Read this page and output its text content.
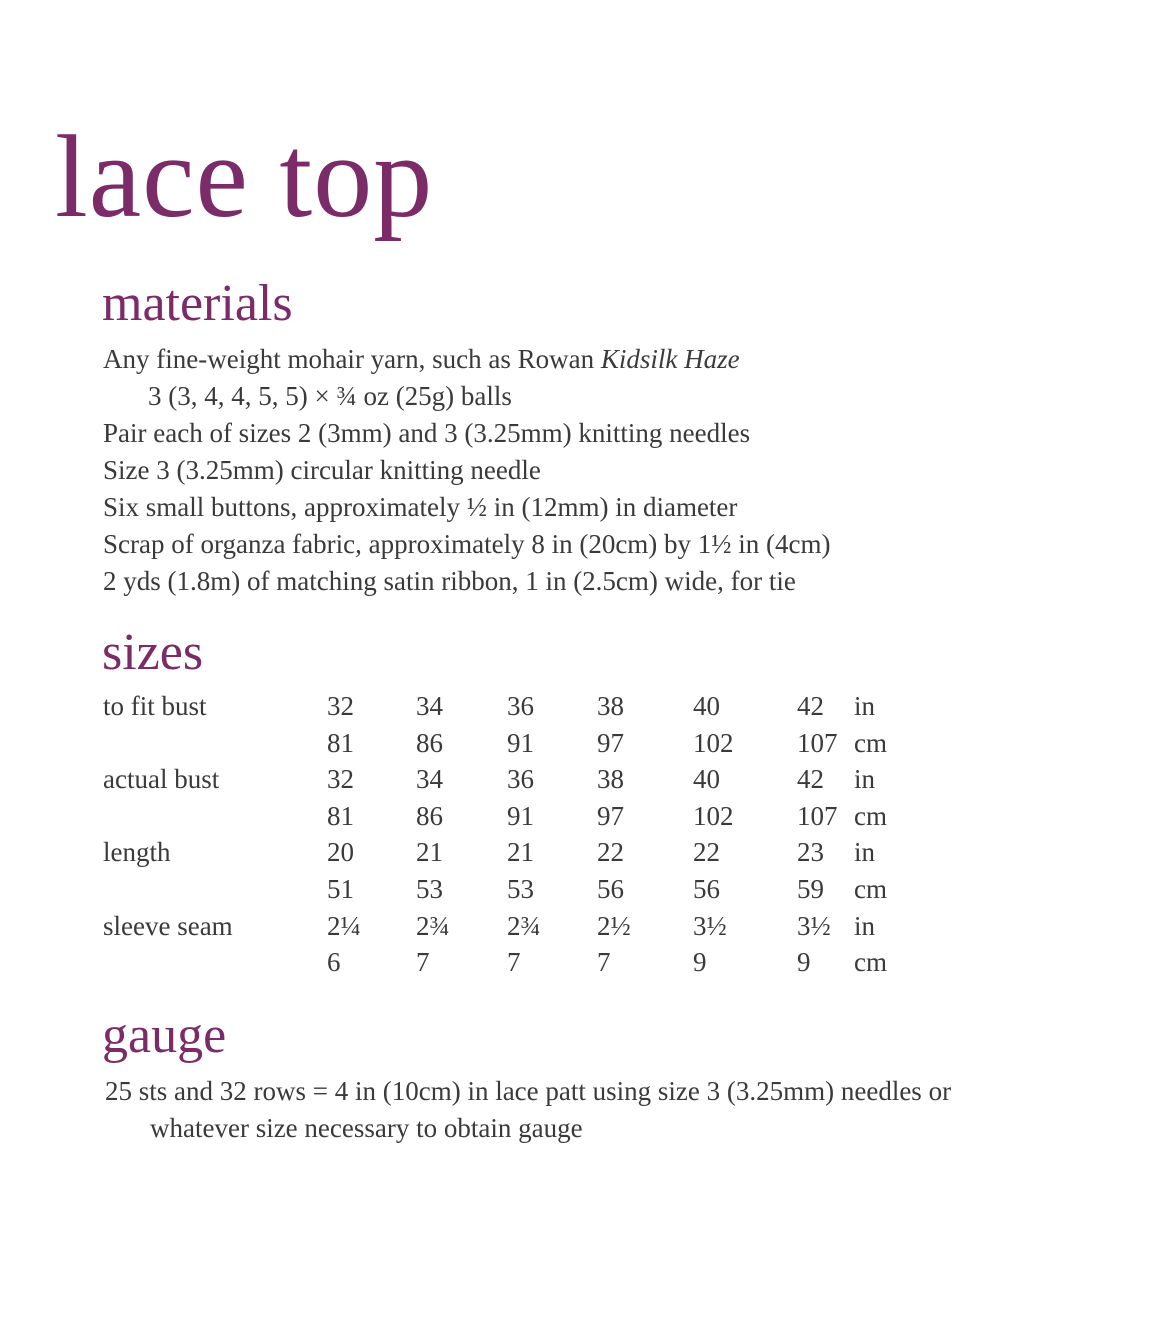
lace top
materials
Any fine-weight mohair yarn, such as Rowan Kidsilk Haze
3 (3, 4, 4, 5, 5) × ¾ oz (25g) balls
Pair each of sizes 2 (3mm) and 3 (3.25mm) knitting needles
Size 3 (3.25mm) circular knitting needle
Six small buttons, approximately ½ in (12mm) in diameter
Scrap of organza fabric, approximately 8 in (20cm) by 1½ in (4cm)
2 yds (1.8m) of matching satin ribbon, 1 in (2.5cm) wide, for tie
sizes
to fit bust	32	34	36	38	40	42	in
	81	86	91	97	102	107	cm
actual bust	32	34	36	38	40	42	in
	81	86	91	97	102	107	cm
length	20	21	21	22	22	23	in
	51	53	53	56	56	59	cm
sleeve seam	2¼	2¾	2¾	2½	3½	3½	in
	6	7	7	7	9	9	cm
gauge

25 sts and 32 rows = 4 in (10cm) in lace patt using size 3 (3.25mm) needles or

whatever size necessary to obtain gauge
